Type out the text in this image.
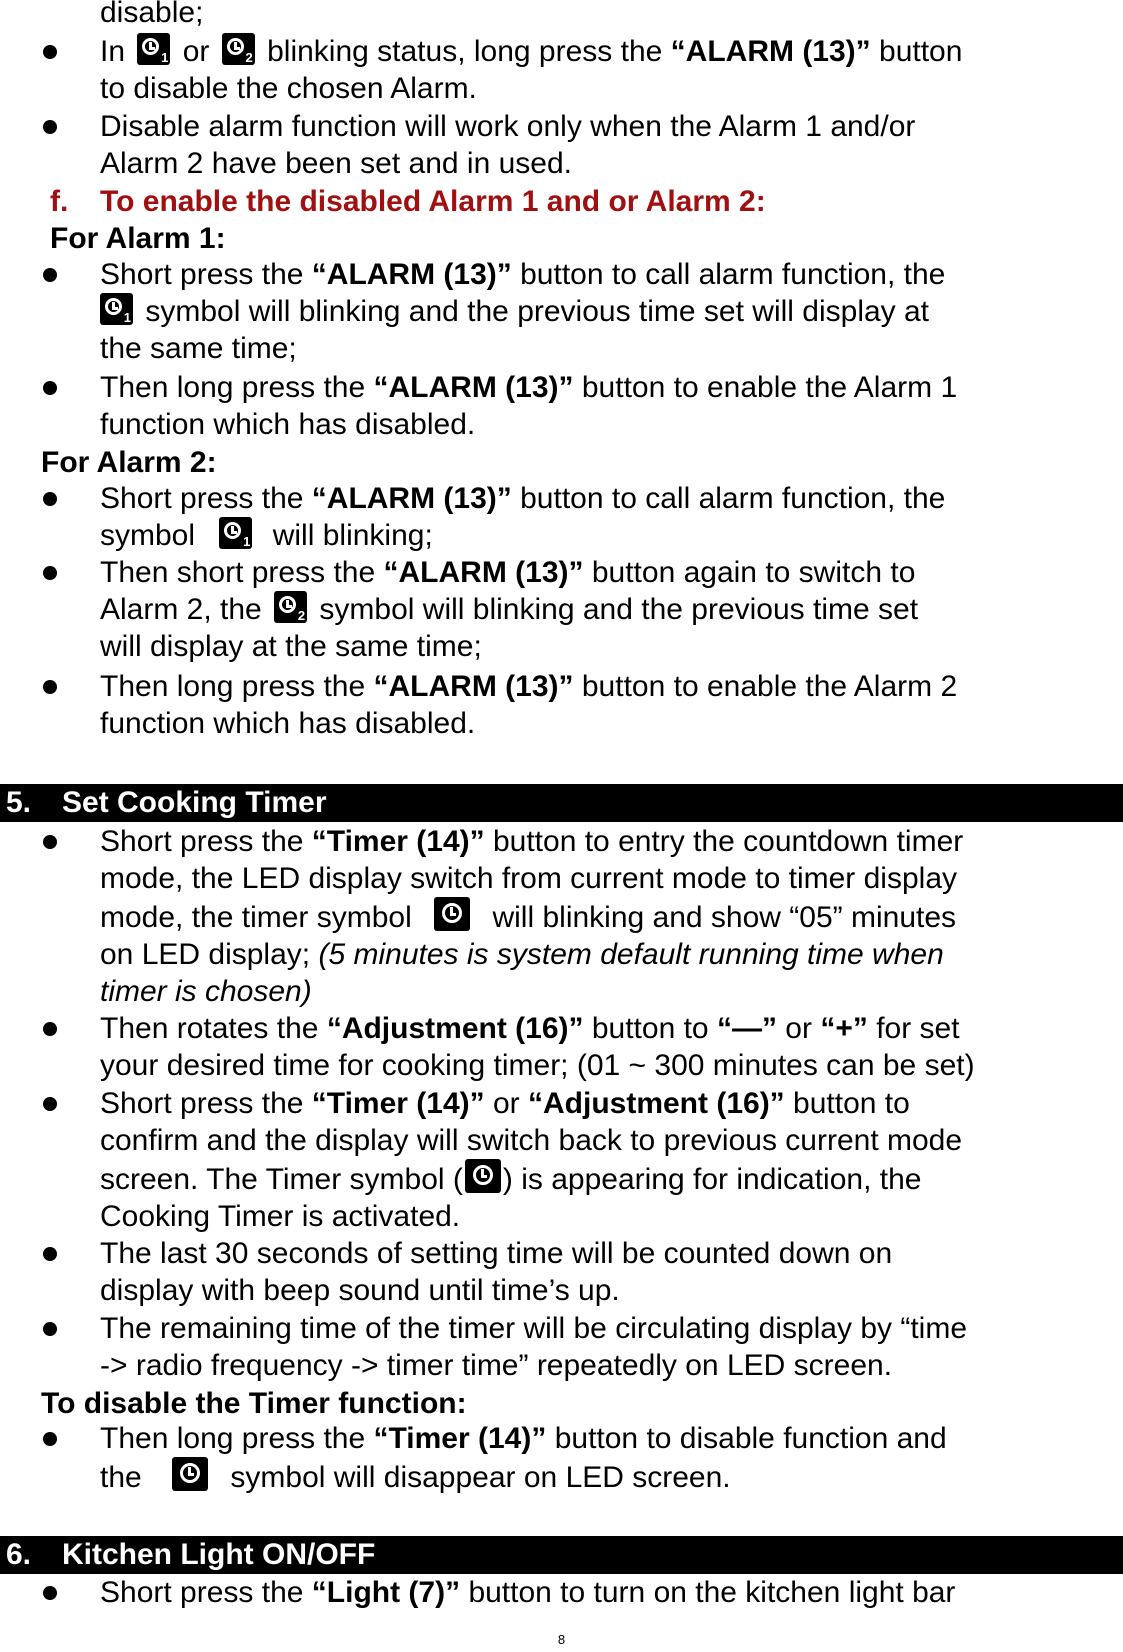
disable;
In	1 or	2 blinking status, long press the “ALARM (13)” button
to disable the chosen Alarm.
Disable alarm function will work only when the Alarm 1 and/or
Alarm 2 have been set and in used.
f. To enable the disabled Alarm 1 and or Alarm 2:
For Alarm 1:
Short press the “ALARM (13)” button to call alarm function, the

1 symbol will blinking and the previous time set will display at
the same time;
Then long press the “ALARM (13)” button to enable the Alarm 1
function which has disabled.
For Alarm 2:
Short press the “ALARM (13)” button to call alarm function, the
symbol	1 will blinking;
Then short press the “ALARM (13)” button again to switch to
Alarm 2, the	2 symbol will blinking and the previous time set
will display at the same time;
Then long press the “ALARM (13)” button to enable the Alarm 2
function which has disabled.
5. Set Cooking Timer
Short press the “Timer (14)” button to entry the countdown timer
mode, the LED display switch from current mode to timer display
mode, the timer symbol	will blinking and show “05” minutes
on LED display; (5 minutes is system default running time when
timer is chosen)
Then rotates the “Adjustment (16)” button to “—” or “+” for set
your desired time for cooking timer; (01 ~ 300 minutes can be set)
Short press the “Timer (14)” or “Adjustment (16)” button to
confirm and the display will switch back to previous current mode
screen. The Timer symbol ( ) is appearing for indication, the
Cooking Timer is activated.
The last 30 seconds of setting time will be counted down on
display with beep sound until time’s up.
The remaining time of the timer will be circulating display by “time
-> radio frequency -> timer time” repeatedly on LED screen.
To disable the Timer function:
Then long press the “Timer (14)” button to disable function and
the	symbol will disappear on LED screen.
6. Kitchen Light ON/OFF
Short press the “Light (7)” button to turn on the kitchen light bar
8
